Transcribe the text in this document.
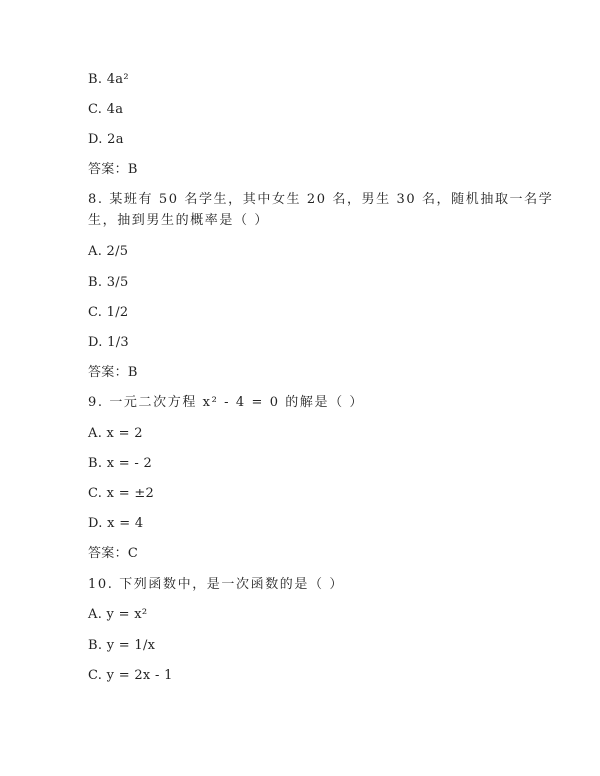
B. 4a²
C. 4a
D. 2a
答案：B
8. 某班有 50 名学生，其中女生 20 名，男生 30 名，随机抽取一名学
生，抽到男生的概率是（ ）
A. 2/5
B. 3/5
C. 1/2
D. 1/3
答案：B
9. 一元二次方程 x² - 4 = 0 的解是（ ）
A. x = 2
B. x = - 2
C. x = ±2
D. x = 4
答案：C
10. 下列函数中，是一次函数的是（ ）
A. y = x²
B. y = 1/x
C. y = 2x - 1
